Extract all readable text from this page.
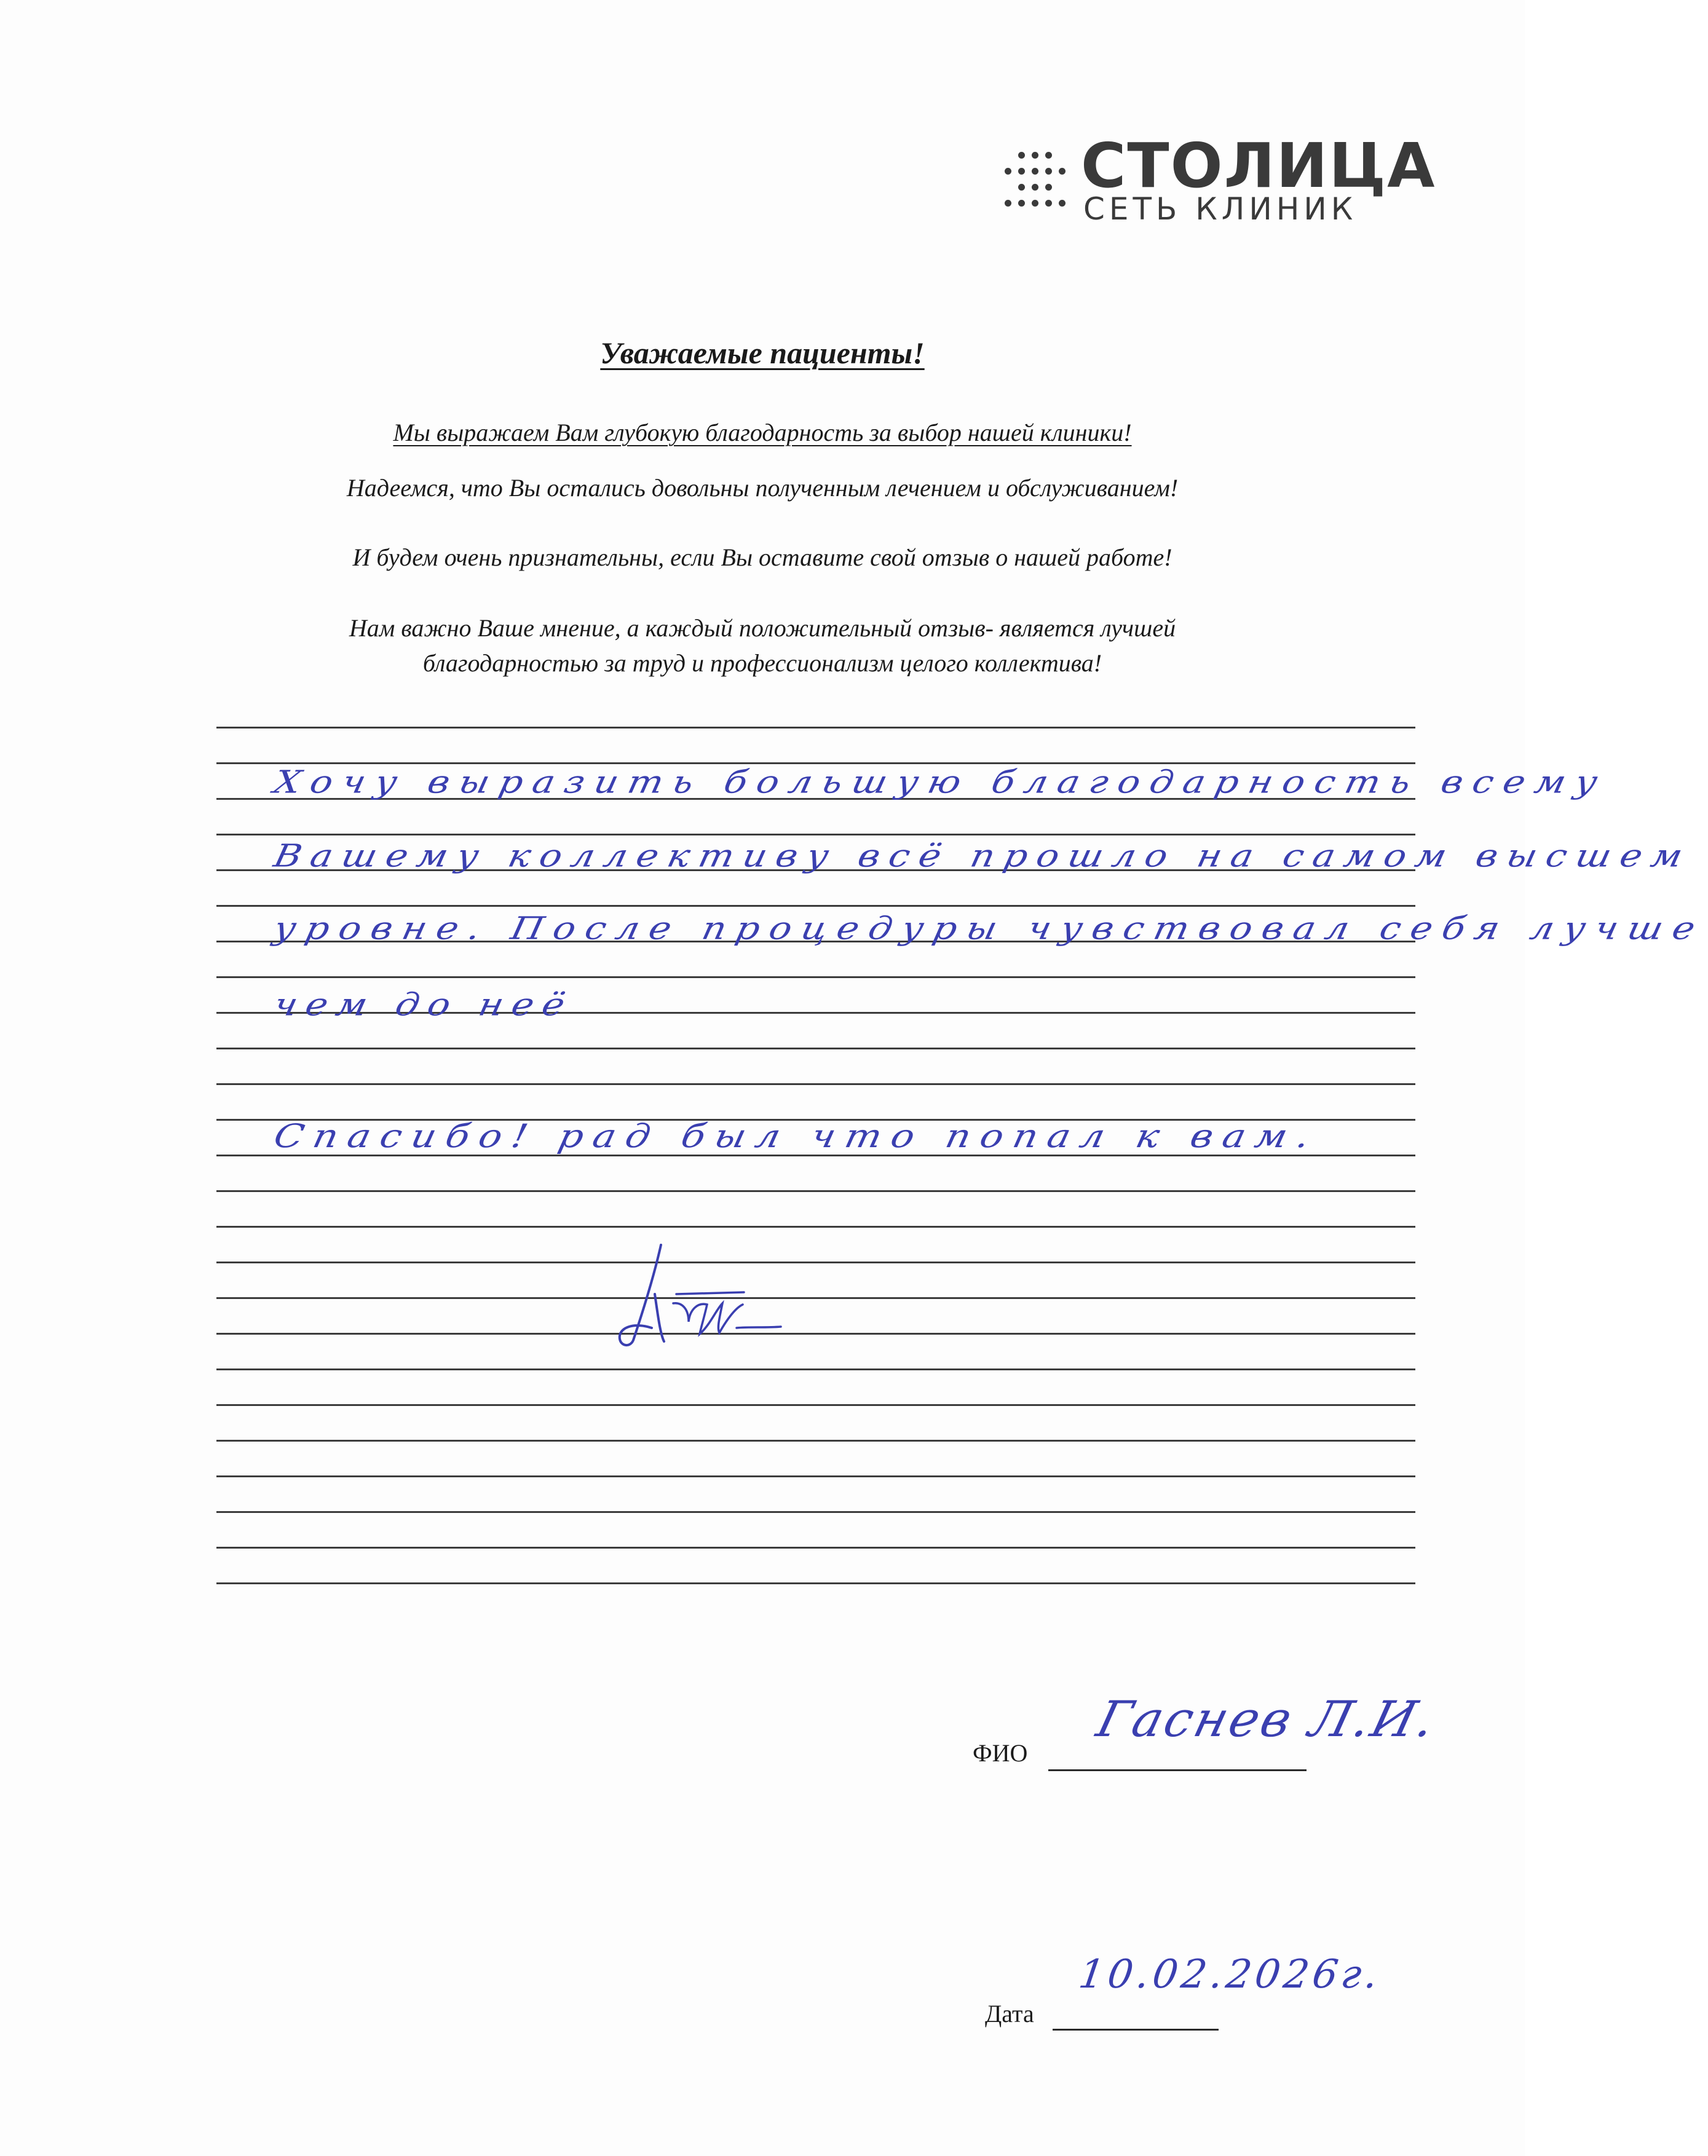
СТОЛИЦА
СЕТЬ КЛИНИК
Уважаемые пациенты!
Мы выражаем Вам глубокую благодарность за выбор нашей клиники!
Надеемся, что Вы остались довольны полученным лечением и обслуживанием!
И будем очень признательны, если Вы оставите свой отзыв о нашей работе!
Нам важно Ваше мнение, а каждый положительный отзыв- является лучшей
благодарностью за труд и профессионализм целого коллектива!
Хочу выразить большую благодарность всему
Вашему коллективу всё прошло на самом высшем
уровне. После процедуры чувствовал себя лучше
чем до неё
Спасибо! рад был что попал к вам.
ФИО
Гаснев Л.И.
Дата
10.02.2026г.
